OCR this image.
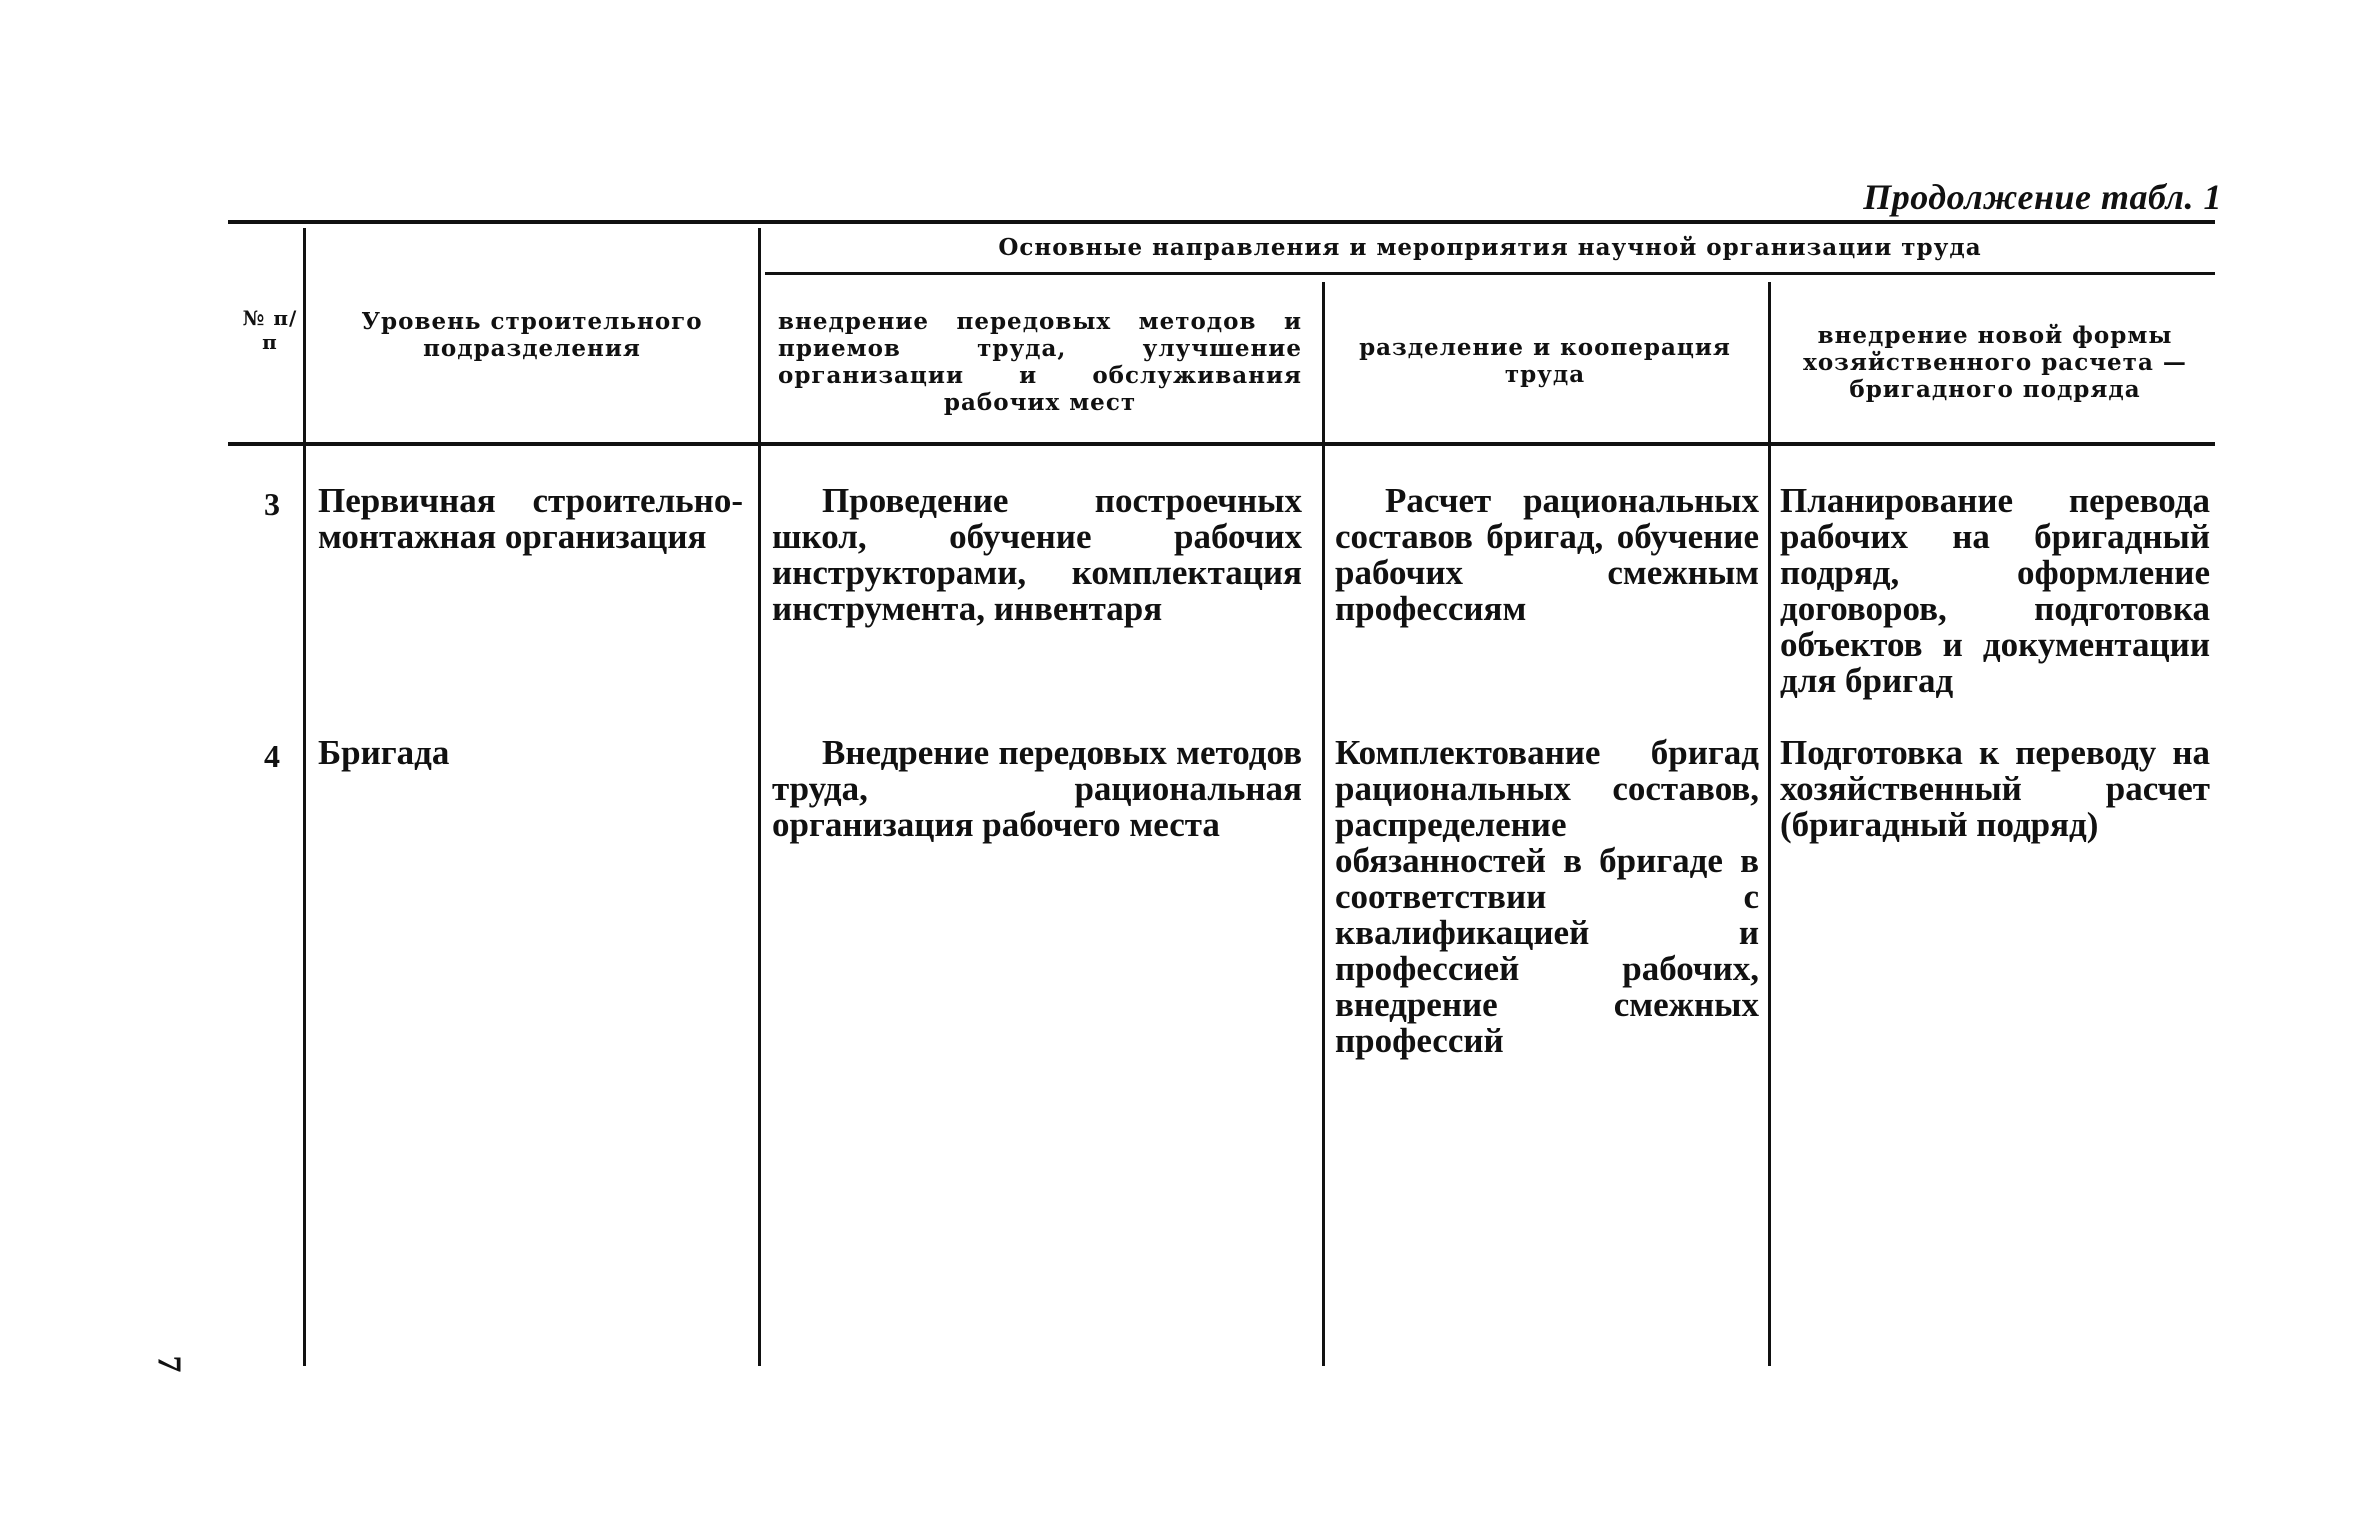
Продолжение табл. 1
№ п/п
Уровень строительного подразделения
Основные направления и мероприятия научной организации труда
внедрение передовых методов и приемов труда, улучшение организации и обслуживания рабочих мест
разделение и кооперация труда
внедрение новой формы хозяйственного расчета — бригадного подряда
3 Первичная строительно-монтажная организация
Проведение построечных школ, обучение рабочих инструкторами, комплектация инструмента, инвентаря
Расчет рациональных составов бригад, обучение рабочих смежным профессиям
Планирование перевода рабочих на бригадный подряд, оформление договоров, подготовка объектов и документации для бригад
4 Бригада	Внедрение передовых методов труда, рациональная организация рабочего места
Комплектование бригад рациональных составов, распределение обязанностей в бригаде в соответствии с квалификацией и профессией рабочих, внедрение смежных профессий
Подготовка к переводу на хозяйственный расчет (бригадный подряд)
7
